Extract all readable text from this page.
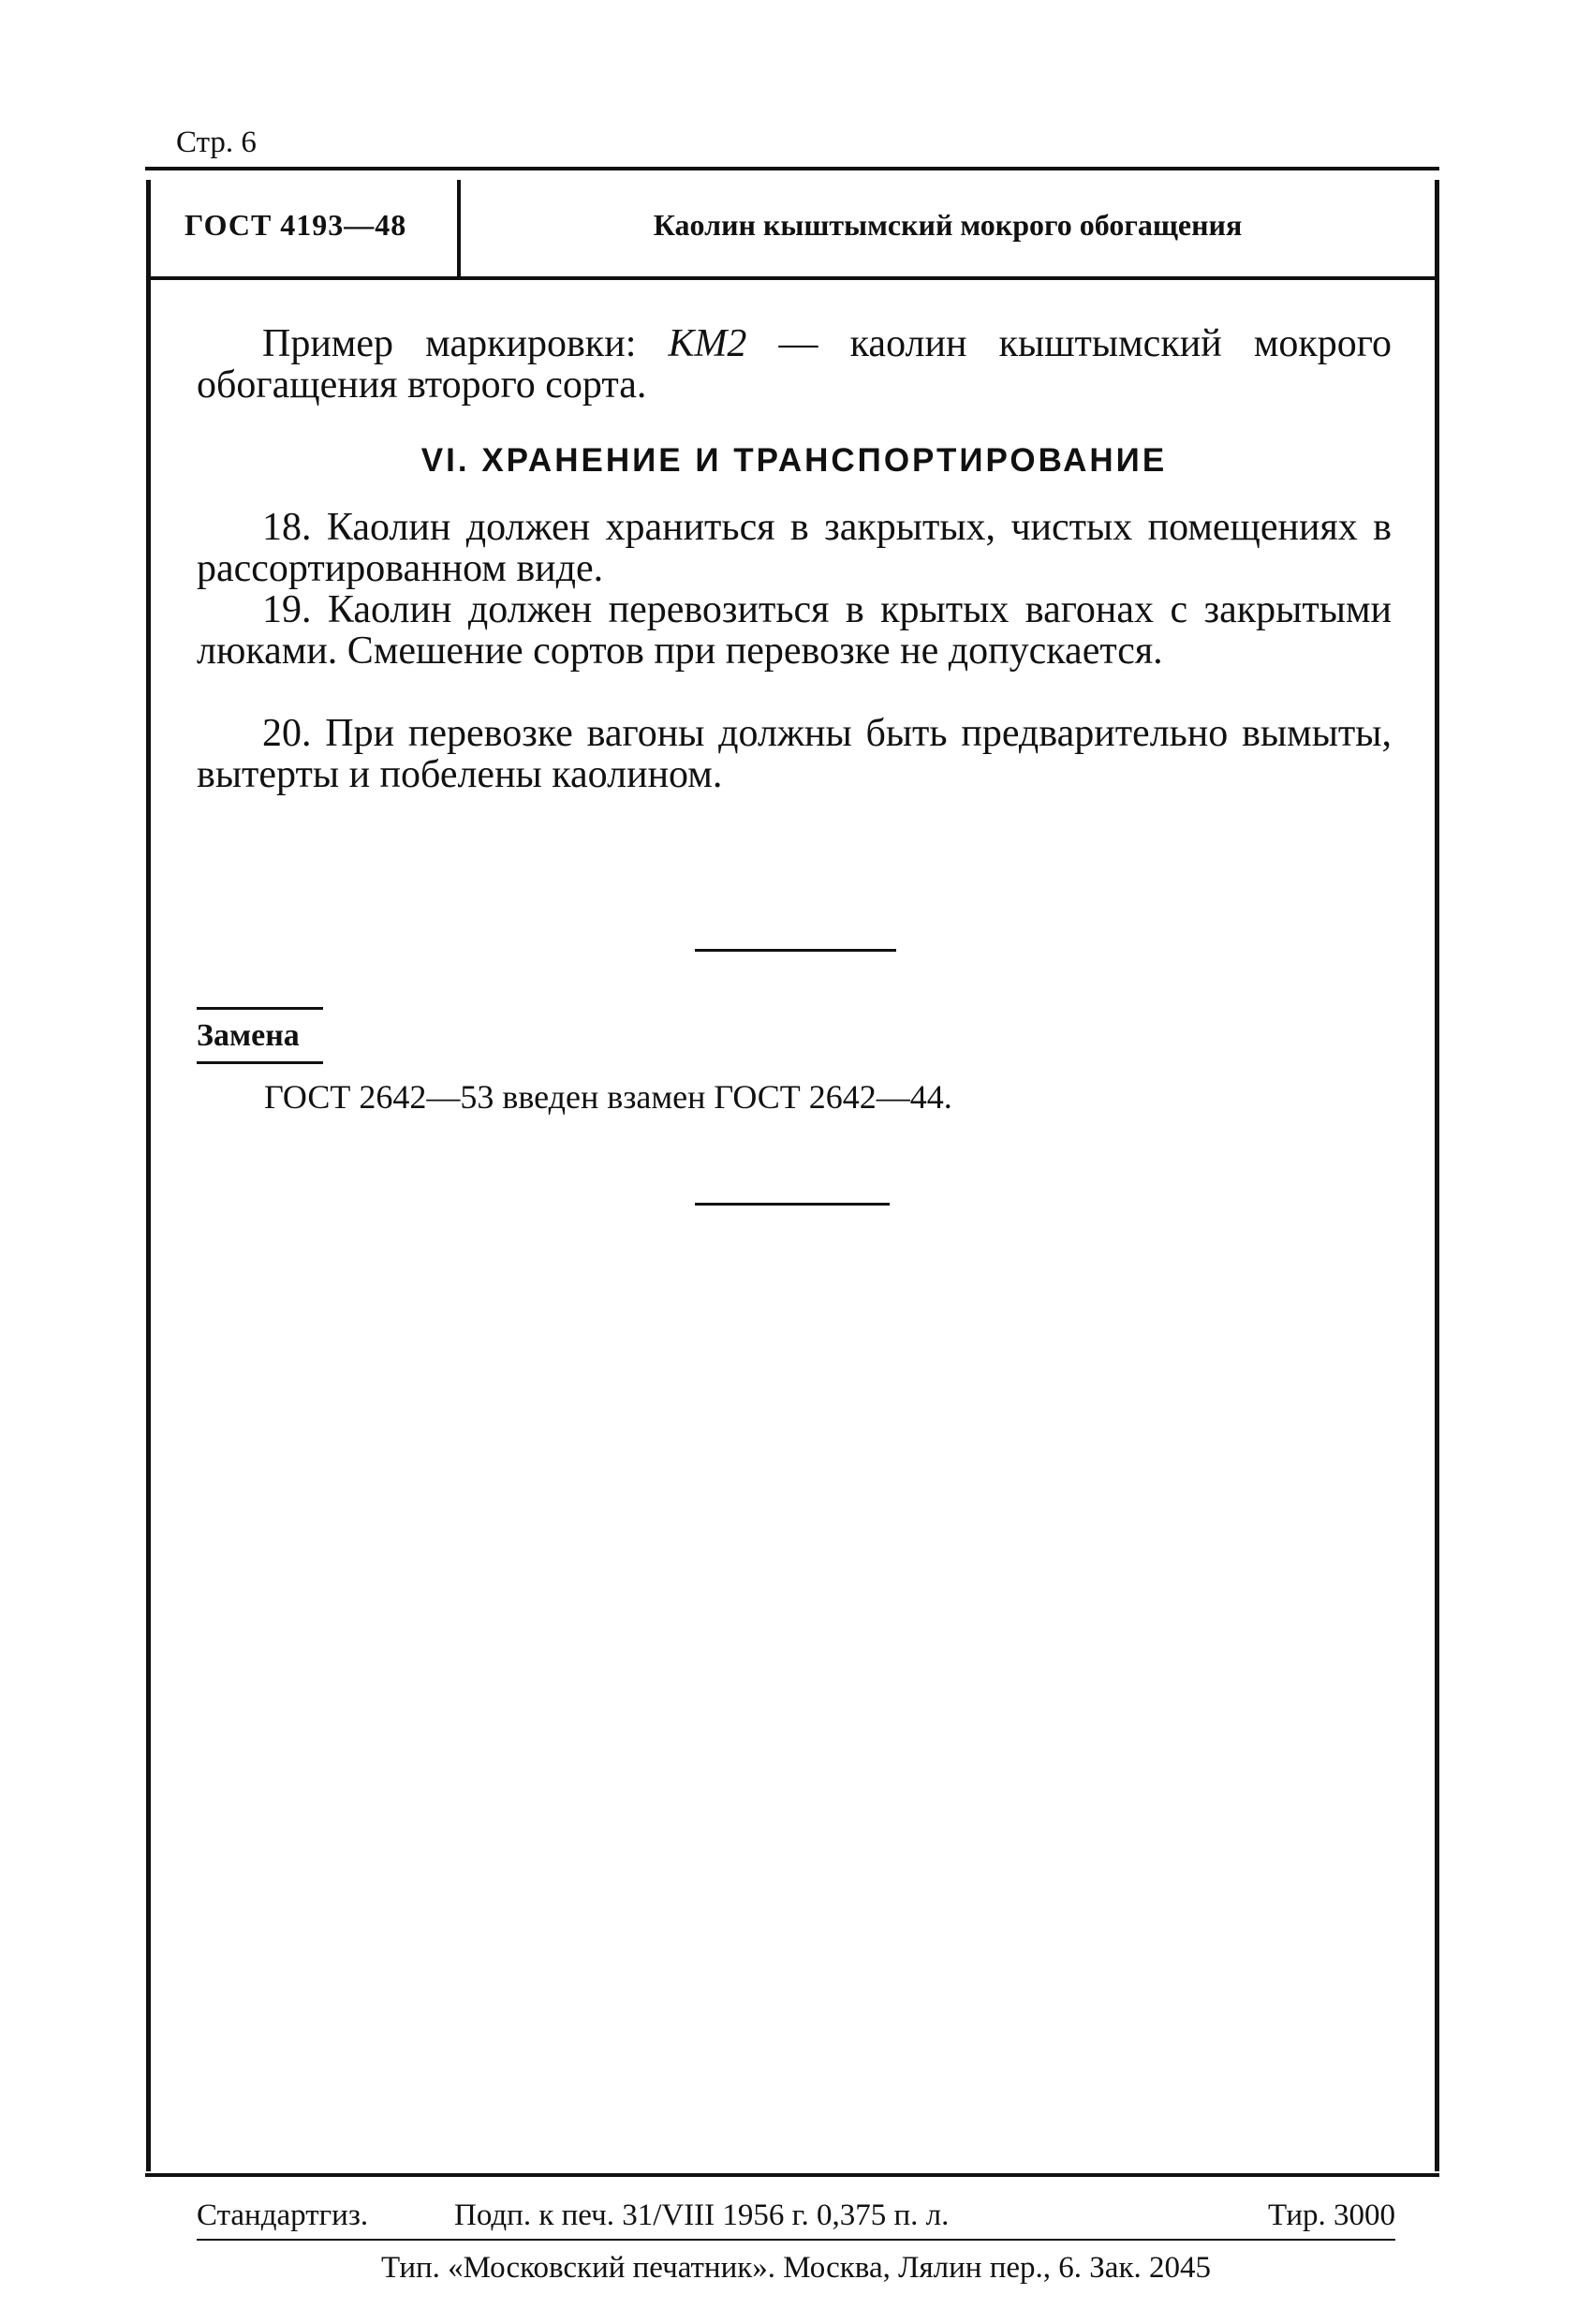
Стр. 6
ГОСТ 4193—48	Каолин кыштымский мокрого обогащения
Пример маркировки: КМ2 — каолин кыштымский мокрого обогащения второго сорта.
VI. ХРАНЕНИЕ И ТРАНСПОРТИРОВАНИЕ
18. Каолин должен храниться в закрытых, чистых помещениях в рассортированном виде.
19. Каолин должен перевозиться в крытых вагонах с закрытыми люками. Смешение сортов при перевозке не допускается.
20. При перевозке вагоны должны быть предварительно вымыты, вытерты и побелены каолином.
Замена
ГОСТ 2642—53 введен взамен ГОСТ 2642—44.
Стандартгиз.	Подп. к печ. 31/VIII 1956 г. 0,375 п. л.	Тир. 3000
Тип. «Московский печатник». Москва, Лялин пер., 6. Зак. 2045
